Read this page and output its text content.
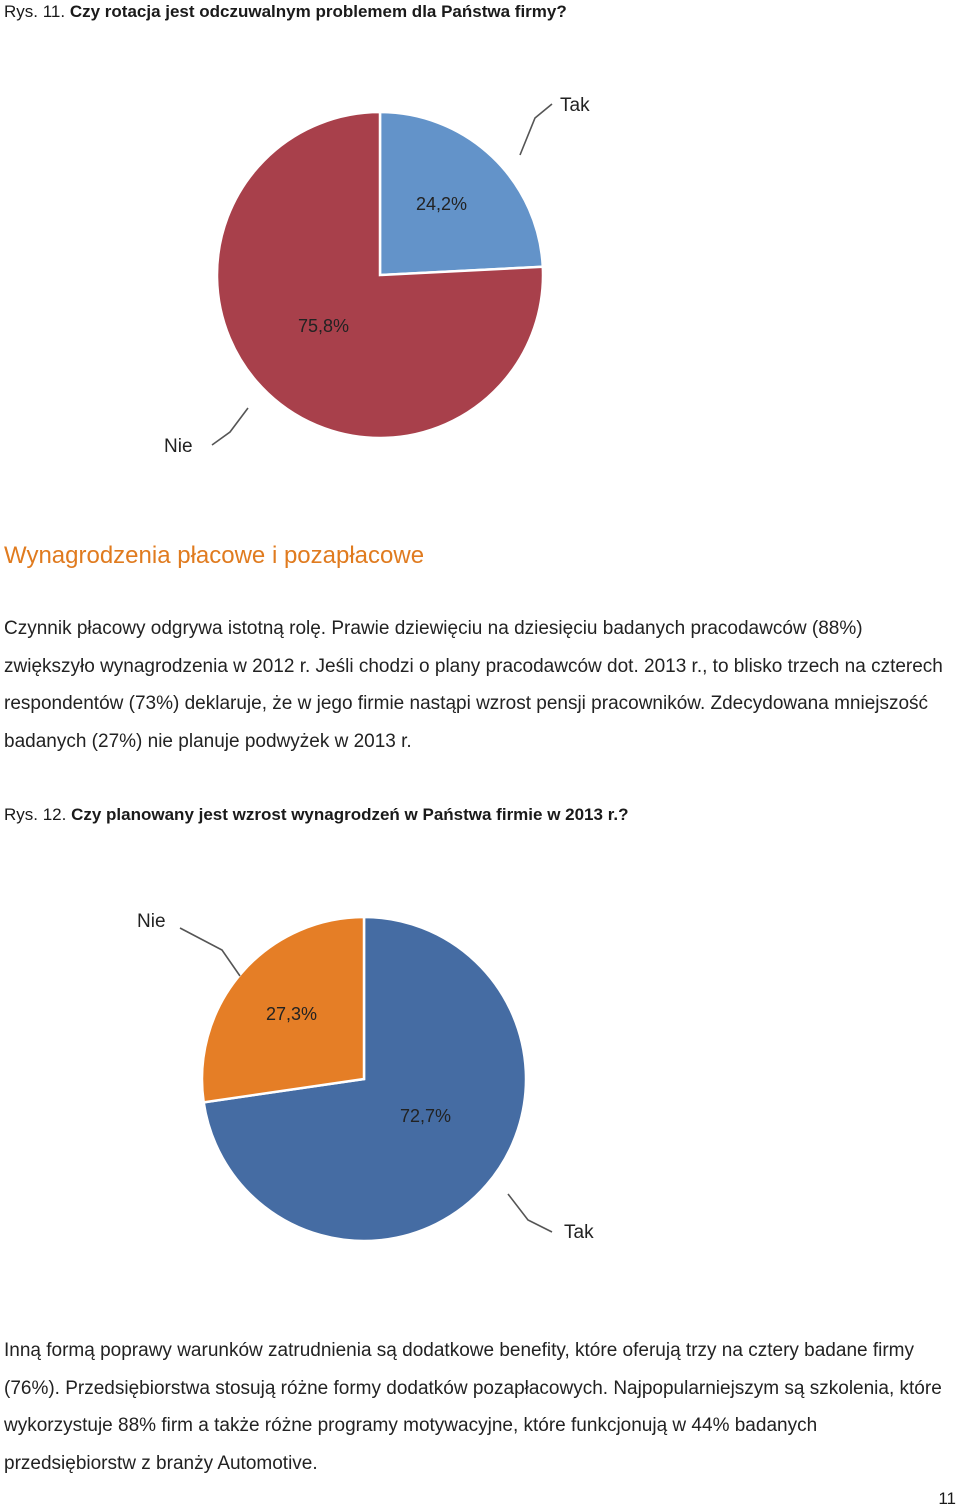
Rys. 11. Czy rotacja jest odczuwalnym problemem dla Państwa firmy?
Tak
Nie
24,2%
75,8%
Wynagrodzenia płacowe i pozapłacowe

Czynnik płacowy odgrywa istotną rolę. Prawie dziewięciu na dziesięciu badanych pracodawców (88%) zwiększyło wynagrodzenia w 2012 r. Jeśli chodzi o plany pracodawców dot. 2013 r., to blisko trzech na czterech respondentów (73%) deklaruje, że w jego firmie nastąpi wzrost pensji pracowników. Zdecydowana mniejszość badanych (27%) nie planuje podwyżek w 2013 r.

Rys. 12. Czy planowany jest wzrost wynagrodzeń w Państwa firmie w 2013 r.?
Nie
Tak
27,3%
72,7%

Inną formą poprawy warunków zatrudnienia są dodatkowe benefity, które oferują trzy na cztery badane firmy (76%). Przedsiębiorstwa stosują różne formy dodatków pozapłacowych. Najpopularniejszym są szkolenia, które wykorzystuje 88% firm a także różne programy motywacyjne, które funkcjonują w 44% badanych przedsiębiorstw z branży Automotive.

11
